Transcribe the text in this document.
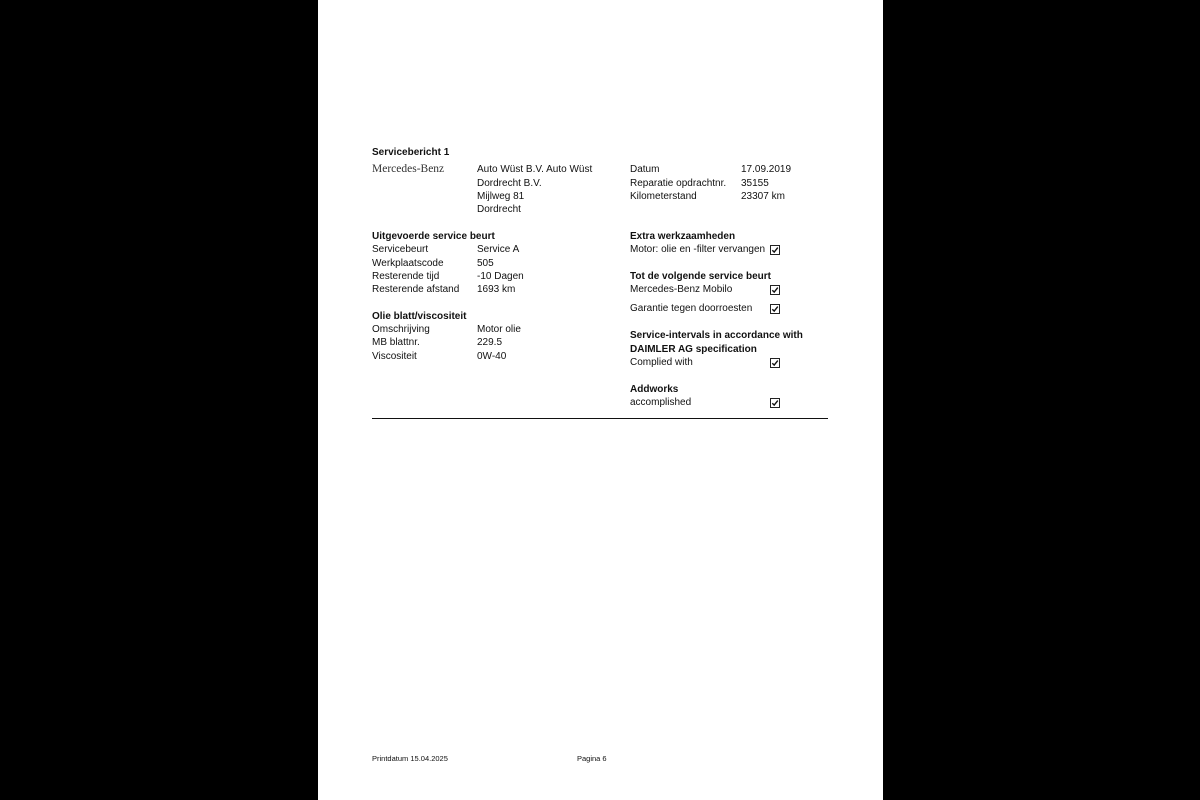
Servicebericht 1
Mercedes-Benz	Auto Wüst B.V. Auto Wüst
Dordrecht B.V.
Mijlweg 81
Dordrecht
Datum	17.09.2019
Reparatie opdrachtnr. 35155
Kilometerstand	23307 km
Uitgevoerde service beurt
Servicebeurt	Service A
Werkplaatscode	505
Resterende tijd	-10 Dagen
Resterende afstand 1693 km
Olie blatt/viscositeit
Omschrijving	Motor olie
MB blattnr.	229.5
Viscositeit	0W-40
Extra werkzaamheden
Motor: olie en -filter vervangen
Tot de volgende service beurt
Mercedes-Benz Mobilo
Garantie tegen doorroesten
Service-intervals in accordance with
DAIMLER AG specification
Complied with
Addworks
accomplished
Printdatum 15.04.2025	Pagina 6
